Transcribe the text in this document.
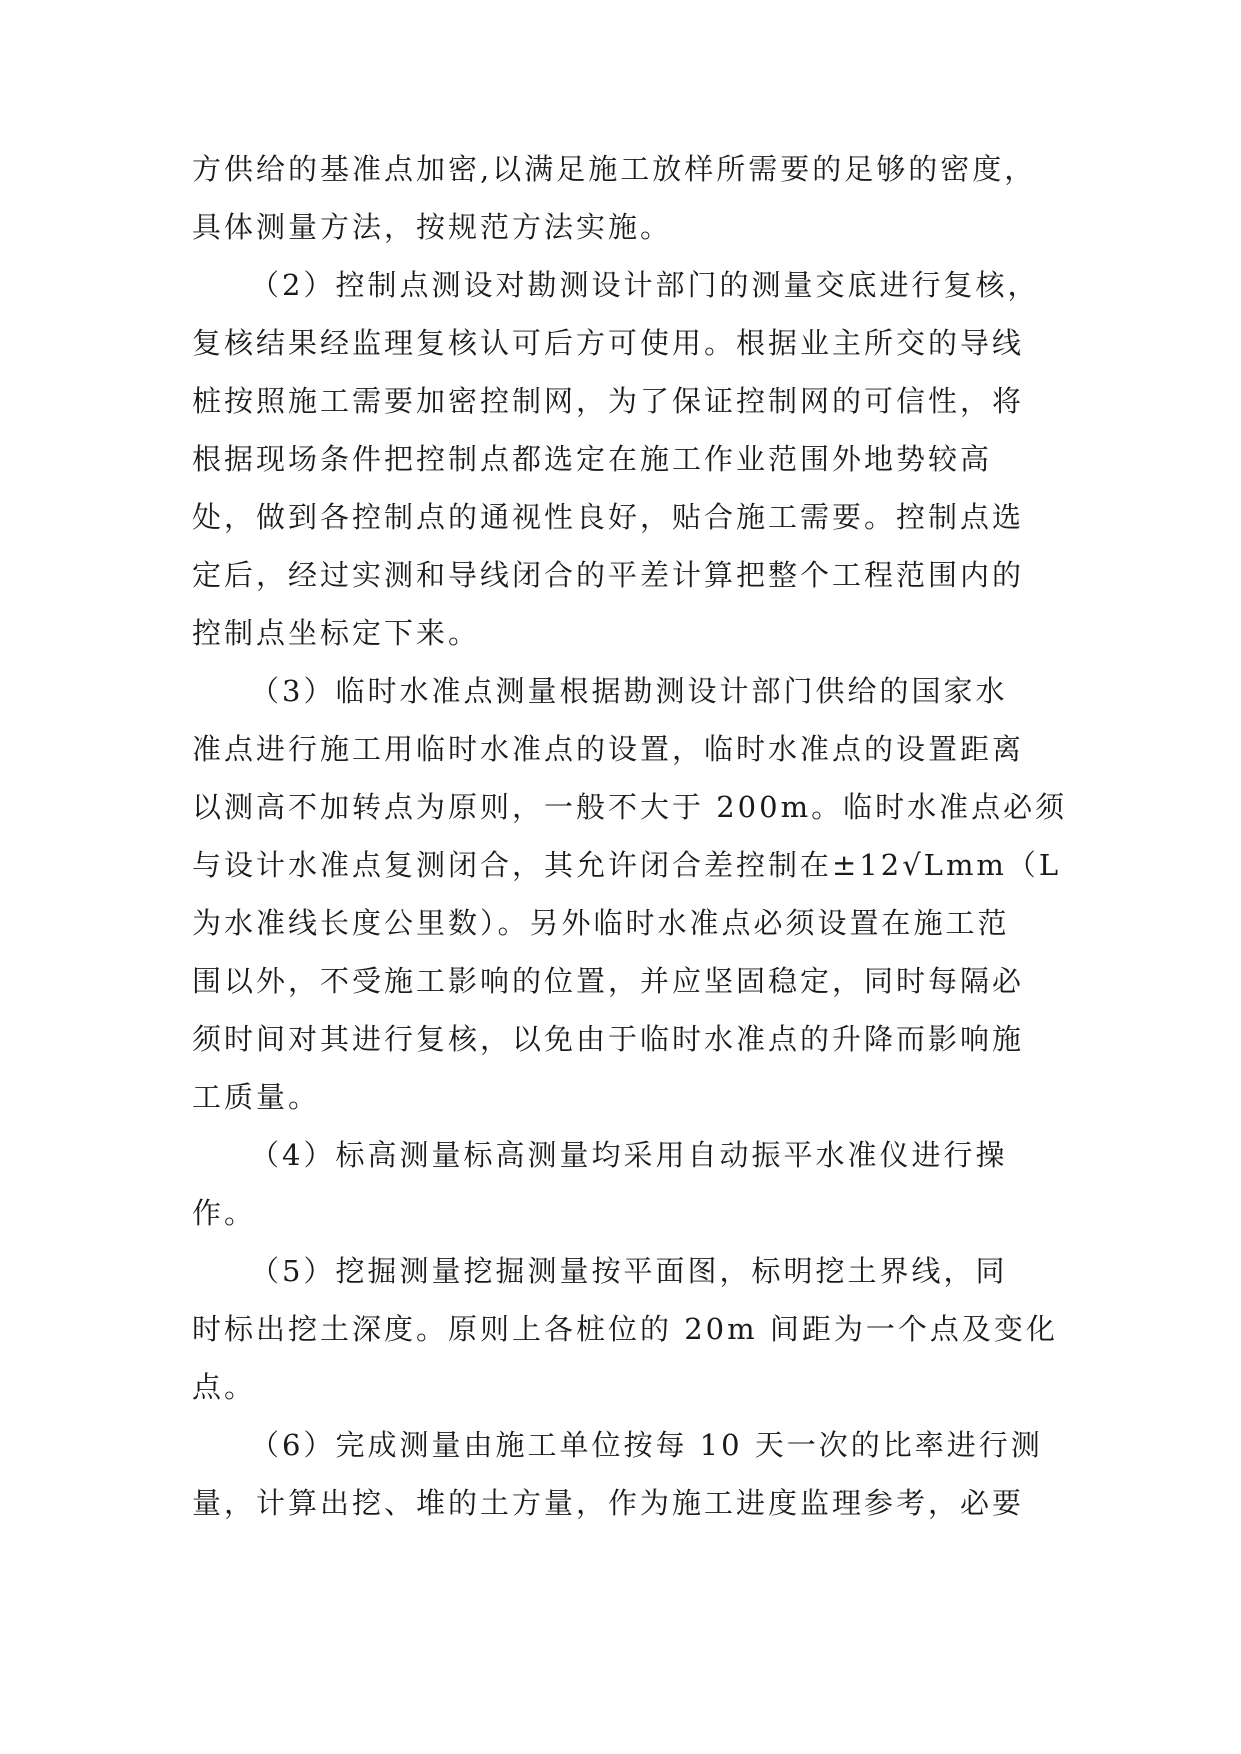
方供给的基准点加密,以满足施工放样所需要的足够的密度，
具体测量方法，按规范方法实施。
（2）控制点测设对勘测设计部门的测量交底进行复核，
复核结果经监理复核认可后方可使用。根据业主所交的导线
桩按照施工需要加密控制网，为了保证控制网的可信性，将
根据现场条件把控制点都选定在施工作业范围外地势较高
处，做到各控制点的通视性良好，贴合施工需要。控制点选
定后，经过实测和导线闭合的平差计算把整个工程范围内的
控制点坐标定下来。
（3）临时水准点测量根据勘测设计部门供给的国家水
准点进行施工用临时水准点的设置，临时水准点的设置距离
以测高不加转点为原则，一般不大于 200m。临时水准点必须
与设计水准点复测闭合，其允许闭合差控制在±12√Lmm（L
为水准线长度公里数）。另外临时水准点必须设置在施工范
围以外，不受施工影响的位置，并应坚固稳定，同时每隔必
须时间对其进行复核，以免由于临时水准点的升降而影响施
工质量。
（4）标高测量标高测量均采用自动振平水准仪进行操
作。
（5）挖掘测量挖掘测量按平面图，标明挖土界线，同
时标出挖土深度。原则上各桩位的 20m 间距为一个点及变化
点。
（6）完成测量由施工单位按每 10 天一次的比率进行测
量，计算出挖、堆的土方量，作为施工进度监理参考，必要
